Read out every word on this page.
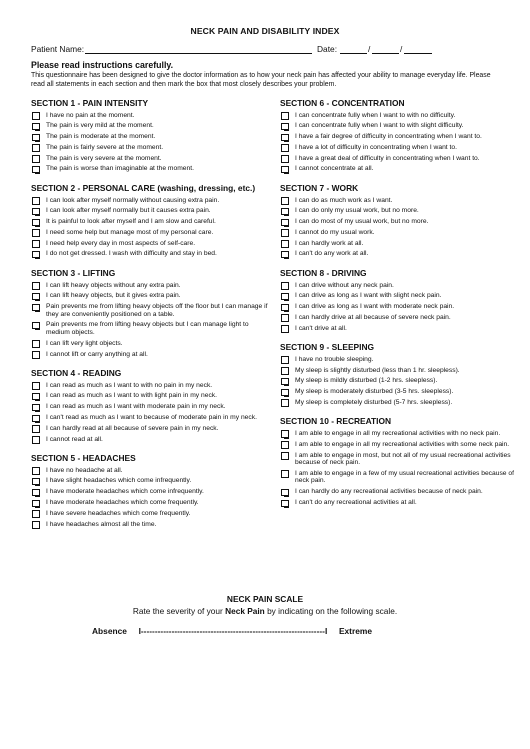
NECK PAIN AND DISABILITY INDEX
Patient Name:	Date:	/	/
Please read instructions carefully.
This questionnaire has been designed to give the doctor information as to how your neck pain has affected your ability to manage everyday life. Please read all statements in each section and then mark the box that most closely describes your problem.
SECTION 1 - PAIN INTENSITY
I have no pain at the moment.
The pain is very mild at the moment.
The pain is moderate at the moment.
The pain is fairly severe at the moment.
The pain is very severe at the moment.
The pain is worse than imaginable at the moment.
SECTION 2 - PERSONAL CARE (washing, dressing, etc.)
I can look after myself normally without causing extra pain.
I can look after myself normally but it causes extra pain.
It is painful to look after myself and I am slow and careful.
I need some help but manage most of my personal care.
I need help every day in most aspects of self-care.
I do not get dressed. I wash with difficulty and stay in bed.
SECTION 3 - LIFTING
I can lift heavy objects without any extra pain.
I can lift heavy objects, but it gives extra pain.
Pain prevents me from lifting heavy objects off the floor but I can manage if they are conveniently positioned on a table.
Pain prevents me from lifting heavy objects but I can manage light to medium objects.
I can lift very light objects.
I cannot lift or carry anything at all.
SECTION 4 - READING
I can read as much as I want to with no pain in my neck.
I can read as much as I want to with light pain in my neck.
I can read as much as I want with moderate pain in my neck.
I can't read as much as I want to because of moderate pain in my neck.
I can hardly read at all because of severe pain in my neck.
I cannot read at all.
SECTION 5 - HEADACHES
I have no headache at all.
I have slight headaches which come infrequently.
I have moderate headaches which come infrequently.
I have moderate headaches which come frequently.
I have severe headaches which come frequently.
I have headaches almost all the time.
SECTION 6 - CONCENTRATION
I can concentrate fully when I want to with no difficulty.
I can concentrate fully when I want to with slight difficulty.
I have a fair degree of difficulty in concentrating when I want to.
I have a lot of difficulty in concentrating when I want to.
I have a great deal of difficulty in concentrating when I want to.
I cannot concentrate at all.
SECTION 7 - WORK
I can do as much work as I want.
I can do only my usual work, but no more.
I can do most of my usual work, but no more.
I cannot do my usual work.
I can hardly work at all.
I can't do any work at all.
SECTION 8 - DRIVING
I can drive without any neck pain.
I can drive as long as I want with slight neck pain.
I can drive as long as I want with moderate neck pain.
I can hardly drive at all because of severe neck pain.
I can't drive at all.
SECTION 9 - SLEEPING
I have no trouble sleeping.
My sleep is slightly disturbed (less than 1 hr. sleepless).
My sleep is mildly disturbed (1-2 hrs. sleepless).
My sleep is moderately disturbed (3-5 hrs. sleepless).
My sleep is completely disturbed (5-7 hrs. sleepless).
SECTION 10 - RECREATION
I am able to engage in all my recreational activities with no neck pain.
I am able to engage in all my recreational activities with some neck pain.
I am able to engage in most, but not all of my usual recreational activities because of neck pain.
I am able to engage in a few of my usual recreational activities because of neck pain.
I can hardly do any recreational activities because of neck pain.
I can't do any recreational activities at all.
NECK PAIN SCALE
Rate the severity of your Neck Pain by indicating on the following scale.
Absence I------------------------------------------------------------------I Extreme
